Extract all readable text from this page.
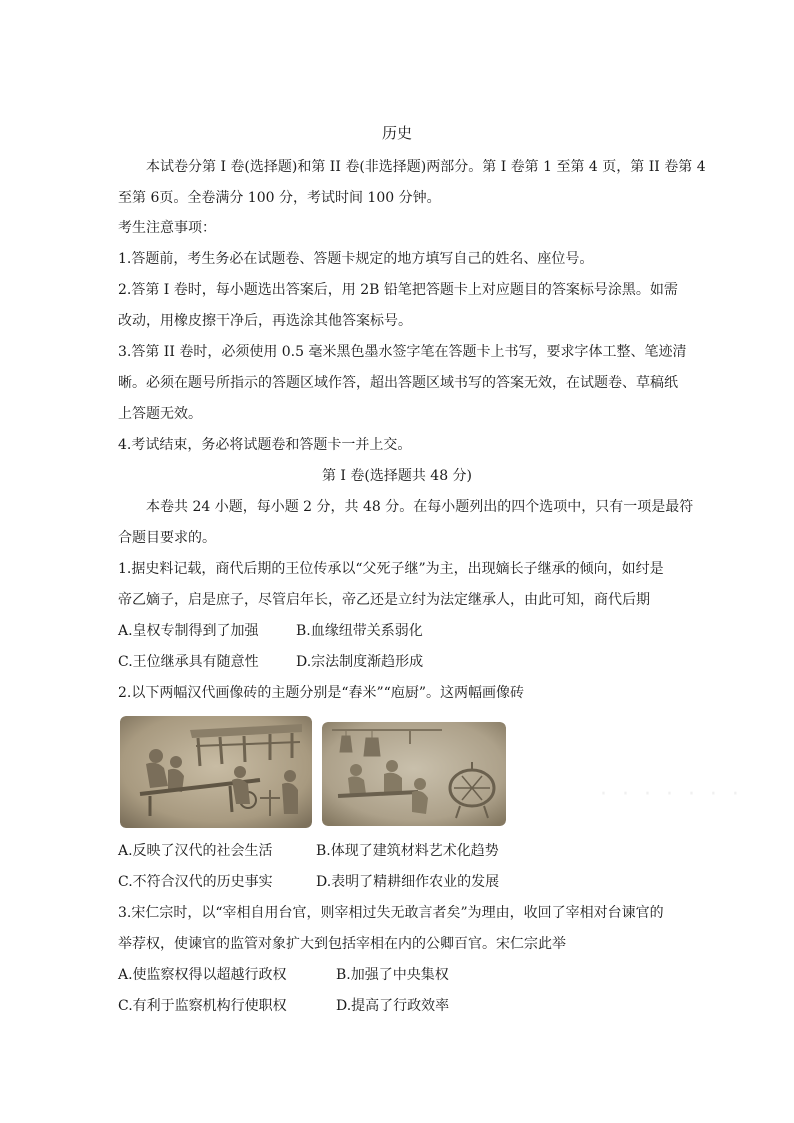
历史
本试卷分第 I 卷(选择题)和第 II 卷(非选择题)两部分。第 I 卷第 1 至第 4 页，第 II 卷第 4
至第 6页。全卷满分 100 分，考试时间 100 分钟。
考生注意事项：
1.答题前，考生务必在试题卷、答题卡规定的地方填写自己的姓名、座位号。
2.答第 I 卷时，每小题选出答案后，用 2B 铅笔把答题卡上对应题目的答案标号涂黑。如需
改动，用橡皮擦干净后，再选涂其他答案标号。
3.答第 II 卷时，必须使用 0.5 毫米黑色墨水签字笔在答题卡上书写，要求字体工整、笔迹清
晰。必须在题号所指示的答题区域作答，超出答题区域书写的答案无效，在试题卷、草稿纸
上答题无效。
4.考试结束，务必将试题卷和答题卡一并上交。
第 I 卷(选择题共 48 分)
本卷共 24 小题，每小题 2 分，共 48 分。在每小题列出的四个选项中，只有一项是最符
合题目要求的。
1.据史料记载，商代后期的王位传承以“父死子继”为主，出现嫡长子继承的倾向，如纣是
帝乙嫡子，启是庶子，尽管启年长，帝乙还是立纣为法定继承人，由此可知，商代后期
A.皇权专制得到了加强	B.血缘纽带关系弱化
C.王位继承具有随意性	D.宗法制度渐趋形成
2.以下两幅汉代画像砖的主题分别是“舂米”“庖厨”。这两幅画像砖
· · · · · · ·
A.反映了汉代的社会生活	B.体现了建筑材料艺术化趋势
C.不符合汉代的历史事实	D.表明了精耕细作农业的发展
3.宋仁宗时，以“宰相自用台官，则宰相过失无敢言者矣”为理由，收回了宰相对台谏官的
举荐权，使谏官的监管对象扩大到包括宰相在内的公卿百官。宋仁宗此举
A.使监察权得以超越行政权	B.加强了中央集权
C.有利于监察机构行使职权	D.提高了行政效率
